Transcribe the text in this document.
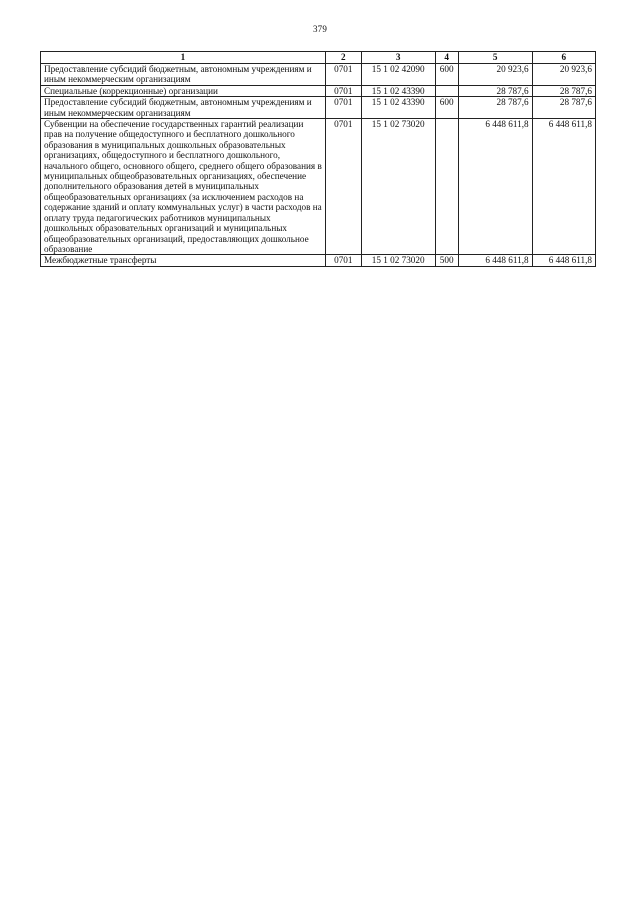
379
1	2	3	4	5	6
Предоставление субсидий бюджетным, автономным учреждениям и иным некоммерческим организациям	0701	15 1 02 42090	600	20 923,6	20 923,6
Специальные (коррекционные) организации	0701	15 1 02 43390		28 787,6	28 787,6
Предоставление субсидий бюджетным, автономным учреждениям и иным некоммерческим организациям	0701	15 1 02 43390	600	28 787,6	28 787,6
Субвенции на обеспечение государственных гарантий реализации прав на получение общедоступного и бесплатного дошкольного образования в муниципальных дошкольных образовательных организациях, общедоступного и бесплатного дошкольного, начального общего, основного общего, среднего общего образования в муниципальных общеобразовательных организациях, обеспечение дополнительного образования детей в муниципальных общеобразовательных организациях (за исключением расходов на содержание зданий и оплату коммунальных услуг) в части расходов на оплату труда педагогических работников муниципальных дошкольных образовательных организаций и муниципальных общеобразовательных организаций, предоставляющих дошкольное образование	0701	15 1 02 73020		6 448 611,8	6 448 611,8
Межбюджетные трансферты	0701	15 1 02 73020	500	6 448 611,8	6 448 611,8
